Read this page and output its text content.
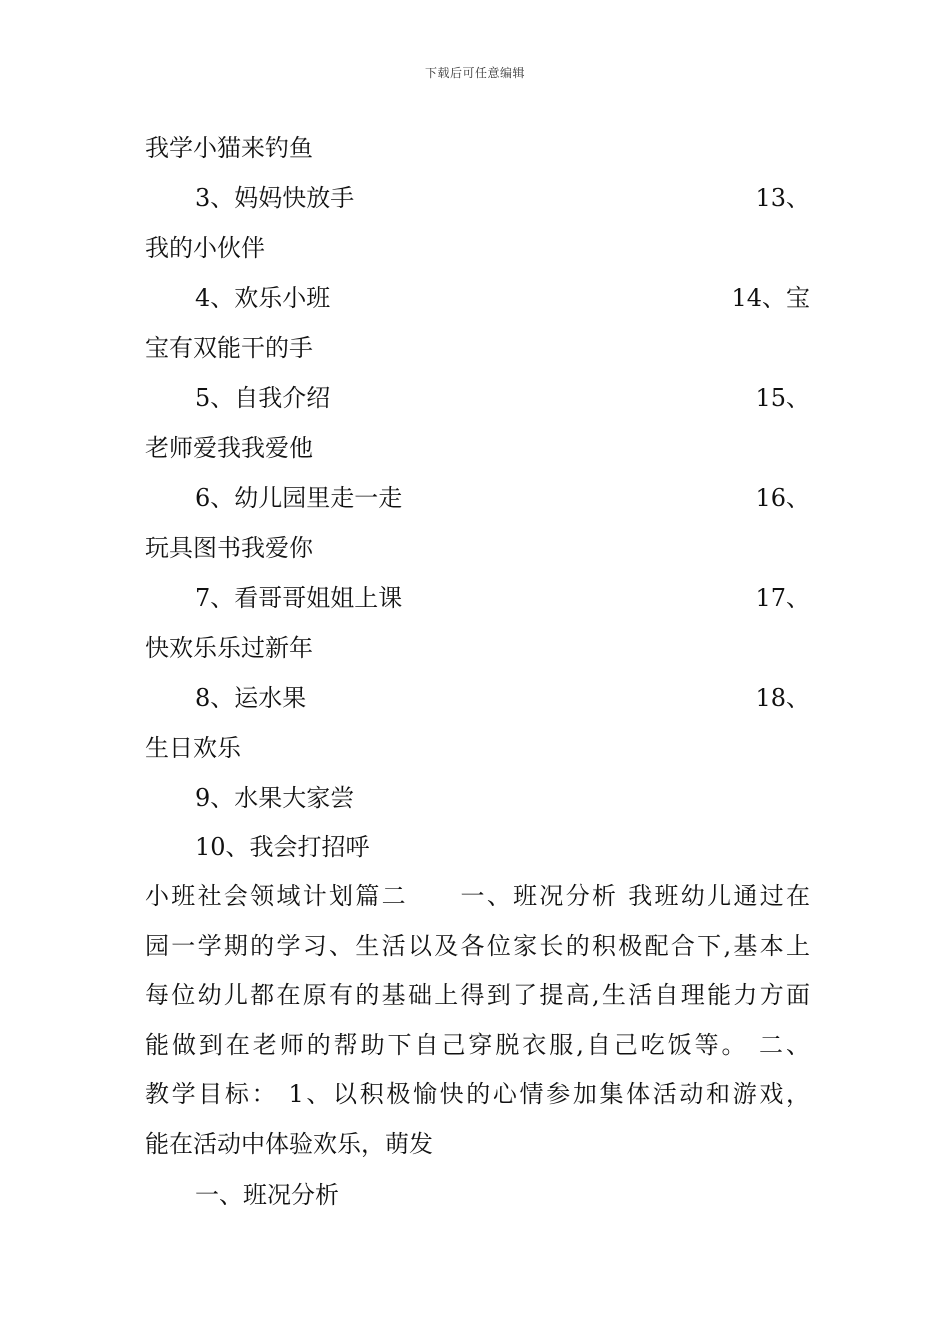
下载后可任意编辑
我学小猫来钓鱼
3、妈妈快放手	13、
我的小伙伴
4、欢乐小班	14、宝
宝有双能干的手
5、自我介绍	15、
老师爱我我爱他
6、幼儿园里走一走	16、
玩具图书我爱你
7、看哥哥姐姐上课	17、
快欢乐乐过新年
8、运水果	18、
生日欢乐
9、水果大家尝
10、我会打招呼
小班社会领域计划篇二　　一、班况分析 我班幼儿通过在
园一学期的学习、生活以及各位家长的积极配合下,基本上
每位幼儿都在原有的基础上得到了提高,生活自理能力方面
能做到在老师的帮助下自己穿脱衣服,自己吃饭等。 二、
教学目标： 1、以积极愉快的心情参加集体活动和游戏，
能在活动中体验欢乐，萌发
一、班况分析
